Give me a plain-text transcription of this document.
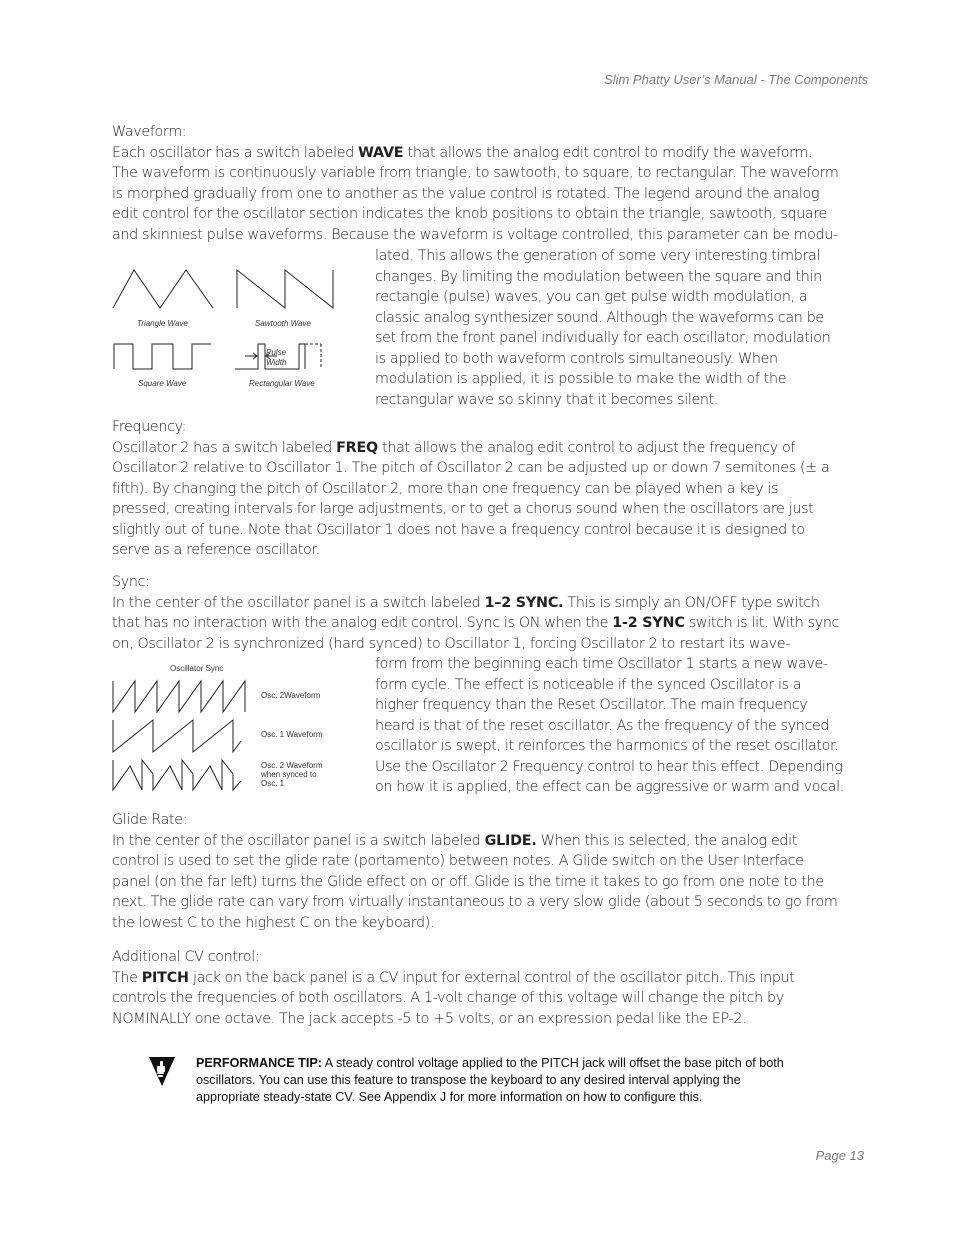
Slim Phatty User’s Manual - The Components

Waveform:

Each oscillator has a switch labeled WAVE that allows the analog edit control to modify the waveform. The waveform is continuously variable from triangle, to sawtooth, to square, to rectangular. The waveform is morphed gradually from one to another as the value control is rotated. The legend around the analog edit control for the oscillator section indicates the knob positions to obtain the triangle, sawtooth, square and skinniest pulse waveforms. Because the waveform is voltage controlled, this parameter can be modu-

Triangle Wave	Sawtooth Wave
Square Wave	Rectangular Wave
Pulse
Width

lated. This allows the generation of some very interesting timbral changes. By limiting the modulation between the square and thin rectangle (pulse) waves, you can get pulse width modulation, a classic analog synthesizer sound. Although the waveforms can be set from the front panel individually for each oscillator, modulation is applied to both waveform controls simultaneously. When modulation is applied, it is possible to make the width of the rectangular wave so skinny that it becomes silent.

Frequency:

Oscillator 2 has a switch labeled FREQ that allows the analog edit control to adjust the frequency of Oscillator 2 relative to Oscillator 1. The pitch of Oscillator 2 can be adjusted up or down 7 semitones (± a fifth). By changing the pitch of Oscillator 2, more than one frequency can be played when a key is pressed, creating intervals for large adjustments, or to get a chorus sound when the oscillators are just slightly out of tune. Note that Oscillator 1 does not have a frequency control because it is designed to serve as a reference oscillator.

Sync:

In the center of the oscillator panel is a switch labeled 1–2 SYNC. This is simply an ON/OFF type switch that has no interaction with the analog edit control. Sync is ON when the 1-2 SYNC switch is lit. With sync on, Oscillator 2 is synchronized (hard synced) to Oscillator 1, forcing Oscillator 2 to restart its wave-

Oscillator Sync
Osc. 2Waveform
Osc. 1 Waveform
Osc. 2 Waveform
when synced to
Osc. 1

form from the beginning each time Oscillator 1 starts a new wave-form cycle. The effect is noticeable if the synced Oscillator is a higher frequency than the Reset Oscillator. The main frequency heard is that of the reset oscillator. As the frequency of the synced oscillator is swept, it reinforces the harmonics of the reset oscillator. Use the Oscillator 2 Frequency control to hear this effect. Depending on how it is applied, the effect can be aggressive or warm and vocal.

Glide Rate:

In the center of the oscillator panel is a switch labeled GLIDE. When this is selected, the analog edit control is used to set the glide rate (portamento) between notes. A Glide switch on the User Interface panel (on the far left) turns the Glide effect on or off. Glide is the time it takes to go from one note to the next. The glide rate can vary from virtually instantaneous to a very slow glide (about 5 seconds to go from the lowest C to the highest C on the keyboard).

Additional CV control:

The PITCH jack on the back panel is a CV input for external control of the oscillator pitch. This input controls the frequencies of both oscillators. A 1-volt change of this voltage will change the pitch by NOMINALLY one octave. The jack accepts -5 to +5 volts, or an expression pedal like the EP-2.

PERFORMANCE TIP: A steady control voltage applied to the PITCH jack will offset the base pitch of both oscillators. You can use this feature to transpose the keyboard to any desired interval applying the appropriate steady-state CV. See Appendix J for more information on how to configure this.
Page 13
